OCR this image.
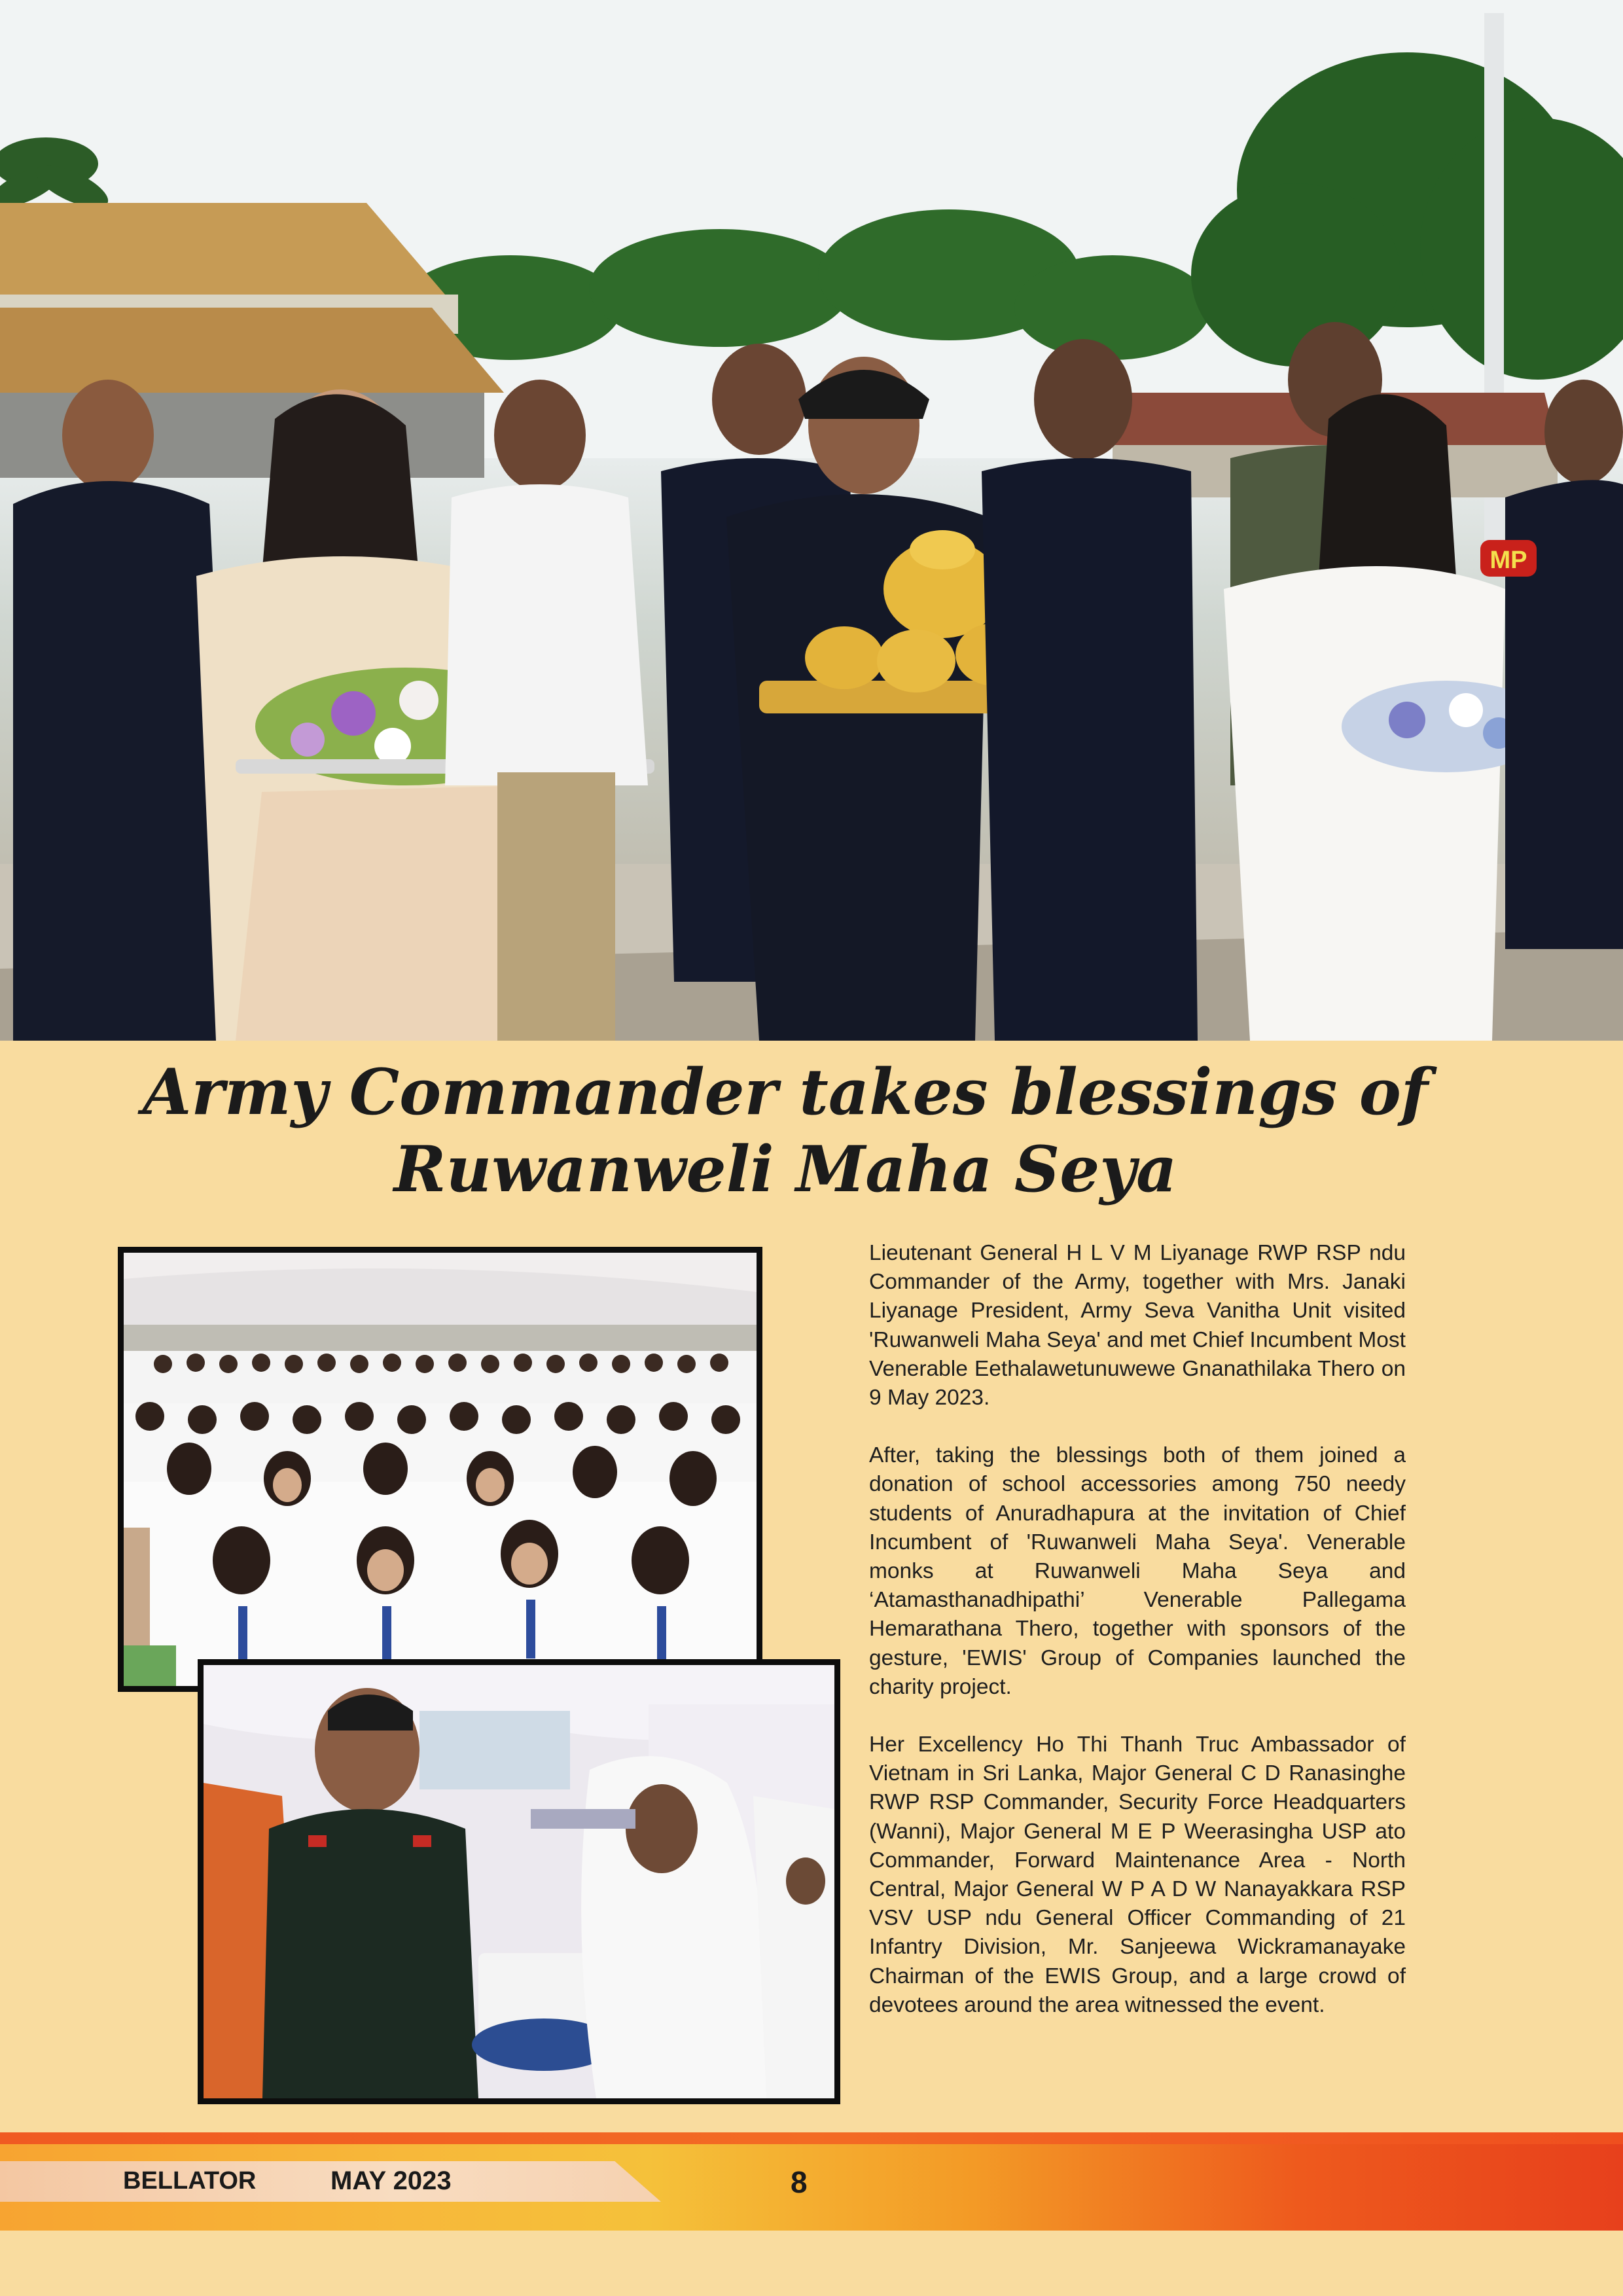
MP
Army Commander takes blessings of
Ruwanweli Maha Seya

Lieutenant General H L V M Liyanage RWP RSP ndu Commander of the Army, together with Mrs. Janaki Liyanage President, Army Seva Vanitha Unit visited 'Ruwanweli Maha Seya' and met Chief Incumbent Most Venerable Eethalawetunuwewe Gnanathilaka Thero on 9 May 2023.

After, taking the blessings both of them joined a donation of school accessories among 750 needy students of Anuradhapura at the invitation of Chief Incumbent of 'Ruwanweli Maha Seya'. Venerable monks at Ruwanweli Maha Seya and ‘Atamasthanadhipathi’ Venerable Pallegama Hemarathana Thero, together with sponsors of the gesture, 'EWIS' Group of Companies launched the charity project.

Her Excellency Ho Thi Thanh Truc Ambassador of Vietnam in Sri Lanka, Major General C D Ranasinghe RWP RSP Commander, Security Force Headquarters (Wanni), Major General M E P Weerasingha USP ato Commander, Forward Maintenance Area - North Central, Major General W P A D W Nanayakkara RSP VSV USP ndu General Officer Commanding of 21 Infantry Division, Mr. Sanjeewa Wickramanayake Chairman of the EWIS Group, and a large crowd of devotees around the area witnessed the event.

BELLATOR	MAY 2023	8
